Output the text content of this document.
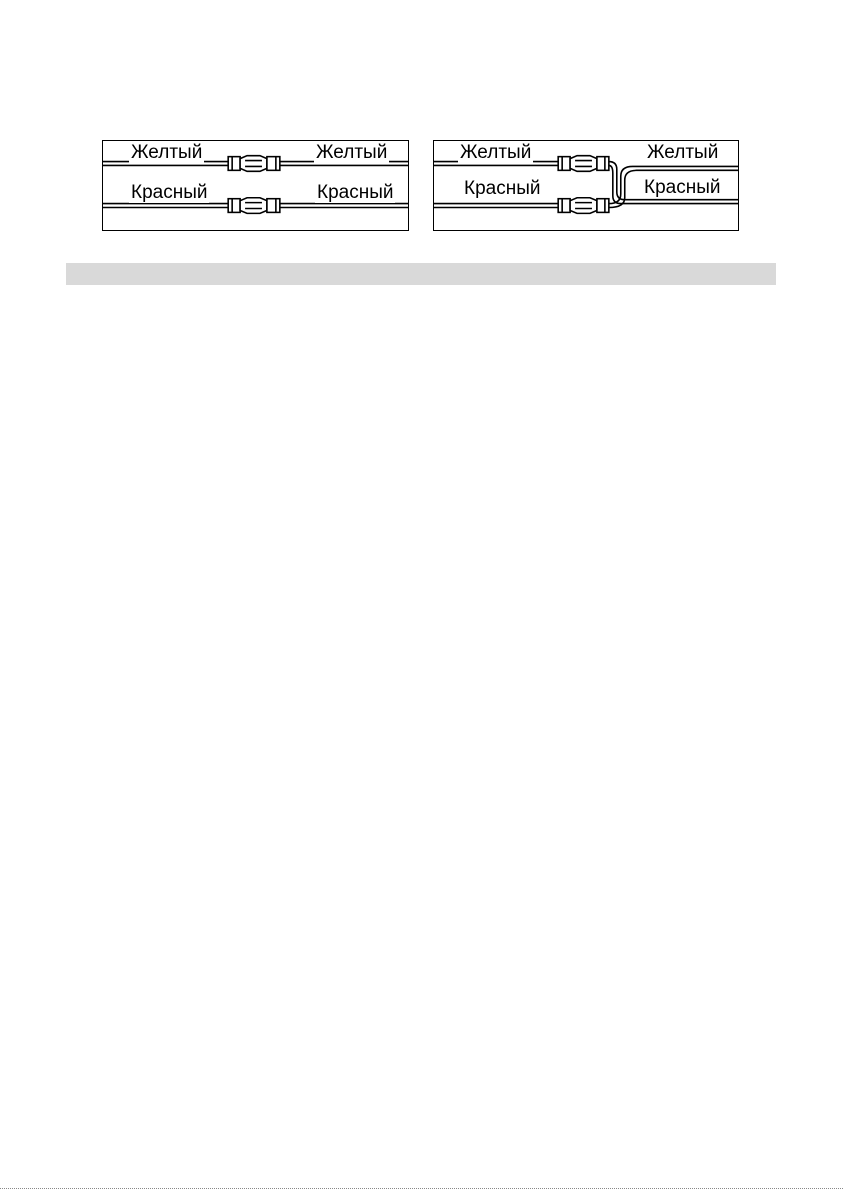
Желтый	Желтый
Красный	Красный
Желтый	Желтый
Красный	Красный
